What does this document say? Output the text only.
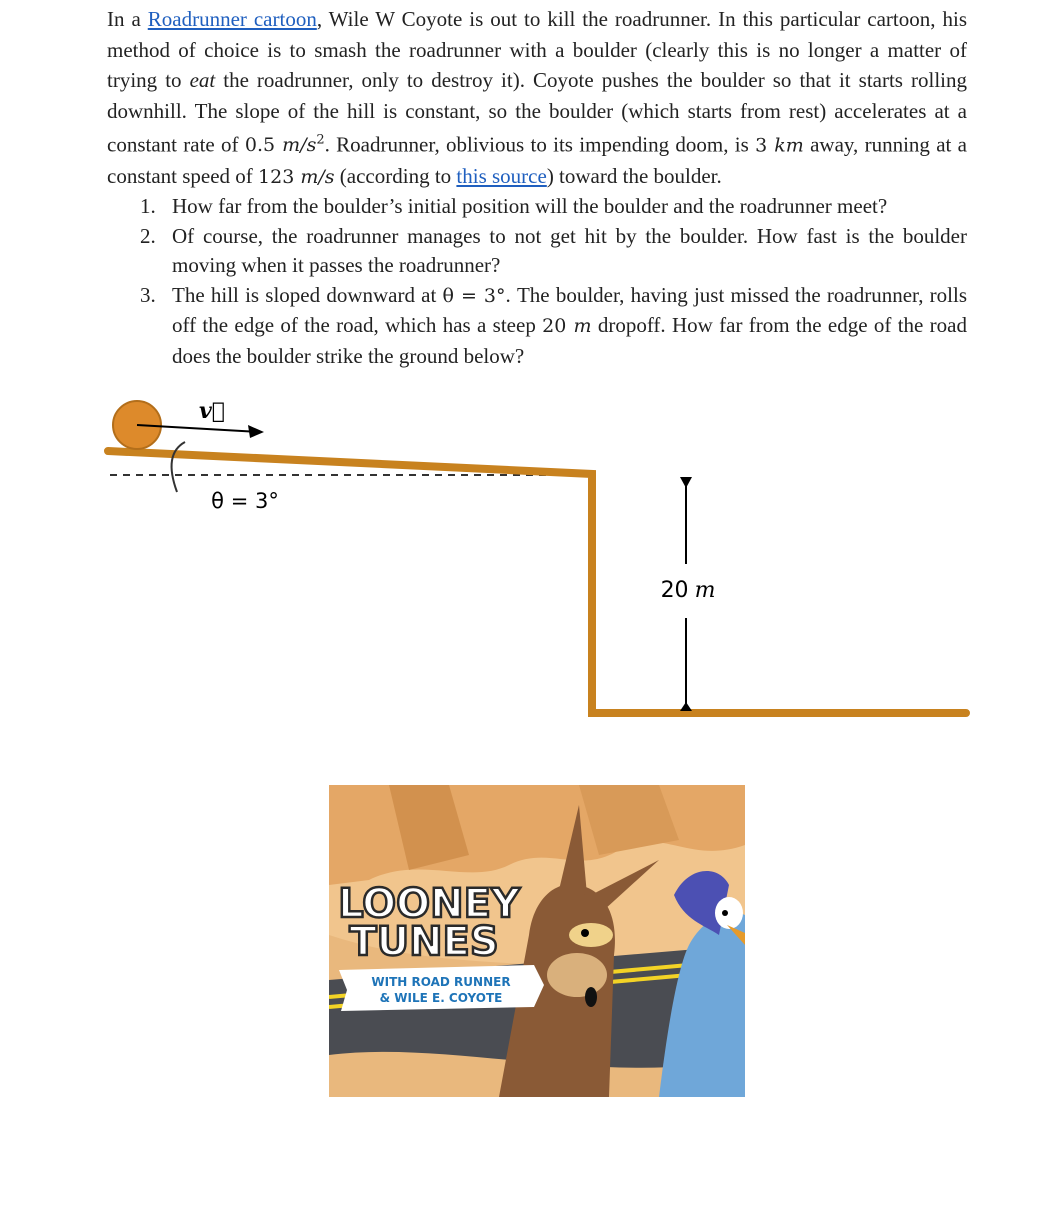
In a Roadrunner cartoon, Wile W Coyote is out to kill the roadrunner. In this particular cartoon, his method of choice is to smash the roadrunner with a boulder (clearly this is no longer a matter of trying to eat the roadrunner, only to destroy it). Coyote pushes the boulder so that it starts rolling downhill. The slope of the hill is constant, so the boulder (which starts from rest) accelerates at a constant rate of 0.5 $m/s^2$. Roadrunner, oblivious to its impending doom, is 3 km away, running at a constant speed of 123 m/s (according to this source) toward the boulder.

1. How far from the boulder’s initial position will the boulder and the roadrunner meet?
2. Of course, the roadrunner manages to not get hit by the boulder. How fast is the boulder moving when it passes the roadrunner?
3. The hill is sloped downward at θ = 3°. The boulder, having just missed the roadrunner, rolls off the edge of the road, which has a steep 20 m dropoff. How far from the edge of the road does the boulder strike the ground below?
v⃗
θ = 3°
20 m
LOONEY
TUNES
WITH ROAD RUNNER
& WILE E. COYOTE
